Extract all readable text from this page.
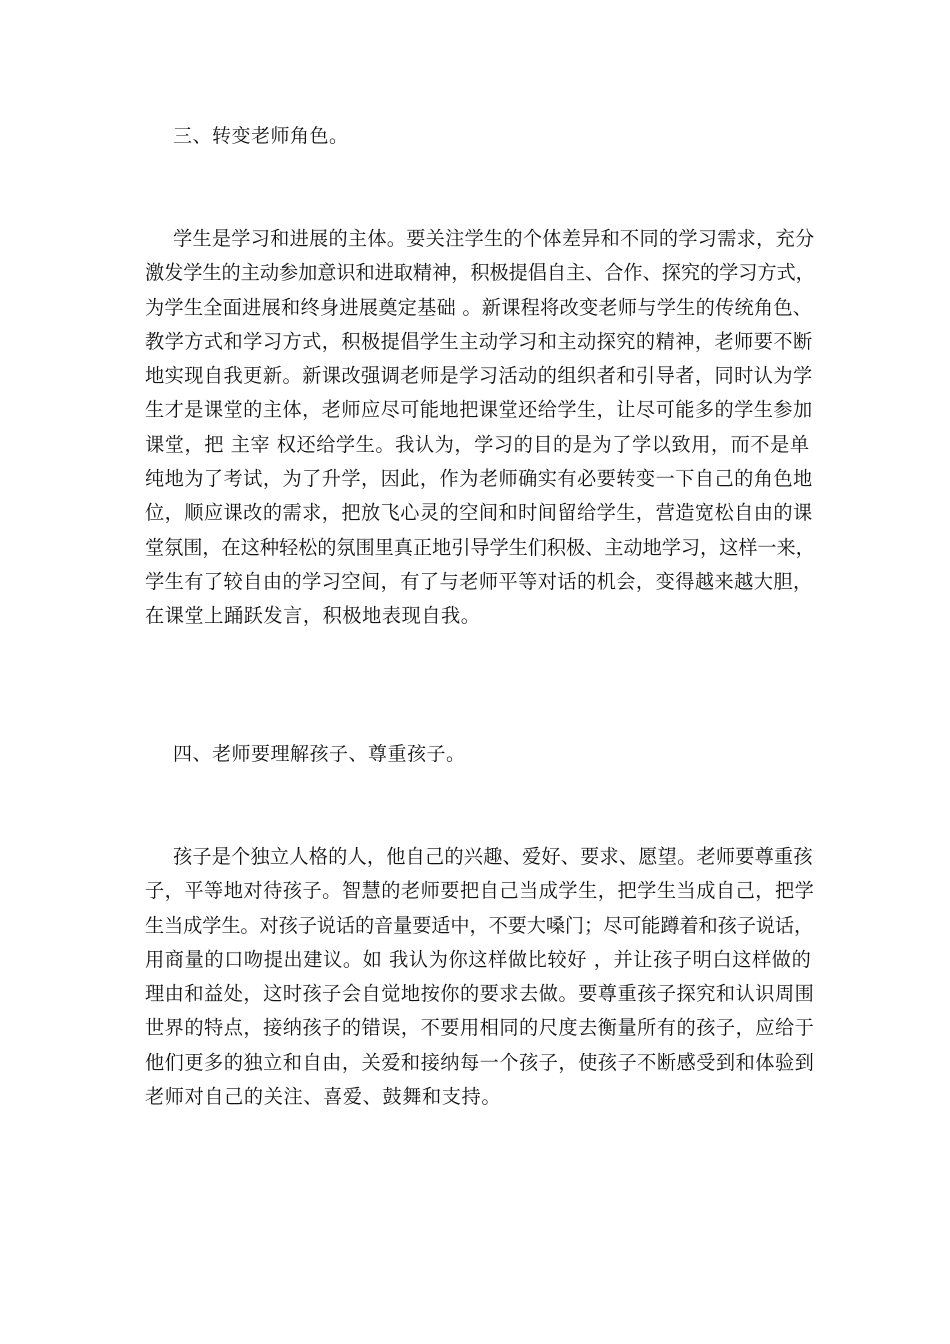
三、转变老师角色。
学生是学习和进展的主体。要关注学生的个体差异和不同的学习需求，充分
激发学生的主动参加意识和进取精神，积极提倡自主、合作、探究的学习方式，
为学生全面进展和终身进展奠定基础 。新课程将改变老师与学生的传统角色、
教学方式和学习方式，积极提倡学生主动学习和主动探究的精神，老师要不断
地实现自我更新。新课改强调老师是学习活动的组织者和引导者，同时认为学
生才是课堂的主体，老师应尽可能地把课堂还给学生，让尽可能多的学生参加
课堂，把 主宰 权还给学生。我认为，学习的目的是为了学以致用，而不是单
纯地为了考试，为了升学，因此，作为老师确实有必要转变一下自己的角色地
位，顺应课改的需求，把放飞心灵的空间和时间留给学生，营造宽松自由的课
堂氛围，在这种轻松的氛围里真正地引导学生们积极、主动地学习，这样一来，
学生有了较自由的学习空间，有了与老师平等对话的机会，变得越来越大胆，
在课堂上踊跃发言，积极地表现自我。
四、老师要理解孩子、尊重孩子。
孩子是个独立人格的人，他自己的兴趣、爱好、要求、愿望。老师要尊重孩
子，平等地对待孩子。智慧的老师要把自己当成学生，把学生当成自己，把学
生当成学生。对孩子说话的音量要适中，不要大嗓门；尽可能蹲着和孩子说话，
用商量的口吻提出建议。如 我认为你这样做比较好 ，并让孩子明白这样做的
理由和益处，这时孩子会自觉地按你的要求去做。要尊重孩子探究和认识周围
世界的特点，接纳孩子的错误，不要用相同的尺度去衡量所有的孩子，应给于
他们更多的独立和自由，关爱和接纳每一个孩子，使孩子不断感受到和体验到
老师对自己的关注、喜爱、鼓舞和支持。
